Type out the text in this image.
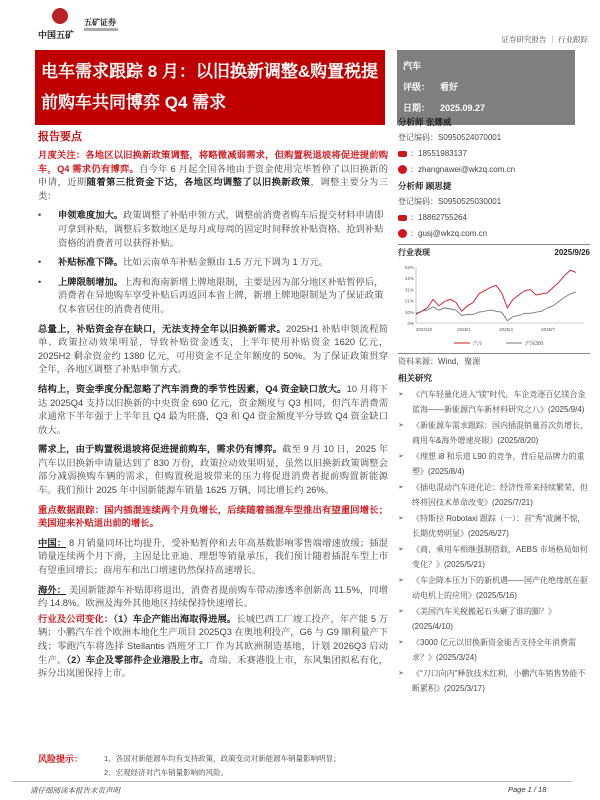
中国五矿
五矿证券
证券研究报告 ｜ 行业跟踪
电车需求跟踪 8 月：以旧换新调整&购置税提前购车共同博弈 Q4 需求
汽车
评级： 看好
日期： 2025.09.27
报告要点
月度关注：各地区以旧换新政策调整，将略微减弱需求，但购置税退坡将促进提前购车，Q4 需求仍有博弈。自今年 6 月起全国各地由于资金使用完毕暂停了以旧换新的申请，近期随着第三批资金下达，各地区均调整了以旧换新政策，调整主要分为三类：
• 申领难度加大。政策调整了补贴申领方式，调整前消费者购车后提交材料申请即可拿到补贴，调整后多数地区是每月或每周的固定时间释放补贴资格、抢到补贴资格的消费者可以获得补贴。
• 补贴标准下降。比如云南单车补贴金额由 1.5 万元下调为 1 万元。
• 上牌限制增加。上海和海南新增上牌地限制，主要是因为部分地区补贴暂停后，消费者在异地购车享受补贴后再返回本省上牌，新增上牌地限制是为了保证政策仅本省居住的消费者使用。
总量上，补贴资金存在缺口，无法支持全年以旧换新需求。2025H1 补贴申领流程简单、政策拉动效果明显，导致补贴资金透支，上半年使用补贴资金 1620 亿元， 2025H2 剩余资金约 1380 亿元，可用资金不足全年额度的 50%。为了保证政策贯穿全年，各地区调整了补贴申领方式。
结构上，资金季度分配忽略了汽车消费的季节性因素，Q4 资金缺口放大。10 月将下达 2025Q4 支持以旧换新的中央资金 690 亿元，资金额度与 Q3 相同，但汽车消费需求通常下半年强于上半年且 Q4 最为旺盛，Q3 和 Q4 资金额度平分导致 Q4 资金缺口放大。
需求上，由于购置税退坡将促进提前购车，需求仍有博弈。截至 9 月 10 日，2025 年汽车以旧换新申请量达到了 830 万份，政策拉动效果明显，虽然以旧换新政策调整会部分减弱换购车辆的需求，但购置税退坡带来的压力将促进消费者提前购置新能源车。我们预计 2025 年中国新能源车销量 1625 万辆，同比增长约 26%。
重点数据跟踪：国内插混连续两个月负增长，后续随着插混车型推出有望重回增长；美国迎来补贴退出前的增长。
中国： 8 月销量同环比均提升，受补贴暂停和去年高基数影响零售端增速放缓；插混销量连续两个月下滑，主因是比亚迪、理想等销量承压，我们预计随着插混车型上市有望重回增长；商用车和出口增速仍然保持高速增长。
海外： 美国新能源车补贴即将退出，消费者提前购车带动渗透率创新高 11.5%，同增约 14.8%。欧洲及海外其他地区持续保持快速增长。
行业及公司变化：（1）车企产能出海取得进展。长城巴西工厂竣工投产，年产能 5 万辆；小鹏汽车首个欧洲本地化生产项目 2025Q3 在奥地利投产，G6 与 G9 顺利量产下线；零跑汽车将选择 Stellantis 西班牙工厂作为其欧洲制造基地，计划 2026Q3 启动生产。（2）车企及零部件企业港股上市。奇瑞、禾赛港股上市，东风集团拟私有化，拆分出岚图保持上市。
分析师 张娜威
登记编码：S0950524070001
：18551983137
：zhangnawei@wkzq.com.cn
分析师 顾思捷
登记编码：S0950525030001
：18862755264
：gusj@wkzq.com.cn
行业表现	2025/9/26
52%
42%
31%
21%
10%
0%
2024/10	2025/1	2025/4	2025/7
汽车	沪深300
资料来源：Wind，聚源
相关研究
➢ 《汽车轻量化进入“镁”时代，车企竞逐百亿镁合金蓝海——新能源汽车新材料研究之八》(2025/9/4)
➢ 《新能源车需求跟踪：国内插混销量首次负增长，商用车&海外增速亮眼》(2025/8/20)
➢ 《理想 i8 和乐道 L90 的竞争，背后是品牌力的重塑》(2025/8/4)
➢ 《插电混动汽车进化论：经济性带来持续繁荣，但终将因技术革命改变》(2025/7/21)
➢ 《特斯拉 Robotaxi 跟踪（一）：首“秀”波澜不惊，长期优势明显》(2025/6/27)
➢ 《商、乘用车相继强制搭载，AEBS 市场格局如何变化？》(2025/5/21)
➢ 《车企降本压力下的新机遇——国产化绝缘纸在驱动电机上的应用》(2025/5/16)
➢ 《美国汽车关税搬起石头砸了谁的脚？》(2025/4/10)
➢ 《3000 亿元以旧换新资金能否支持全年消费需求？》(2025/3/24)
➢ 《“刀口向内”释放技术红利，小鹏汽车销售势能不断累积》(2025/3/17)
风险提示：	1、各国对新能源车均有支持政策，政策变动对新能源车销量影响明显；
2、宏观经济对汽车销量影响的风险。
请仔细阅读本报告末页声明	Page 1 / 18
